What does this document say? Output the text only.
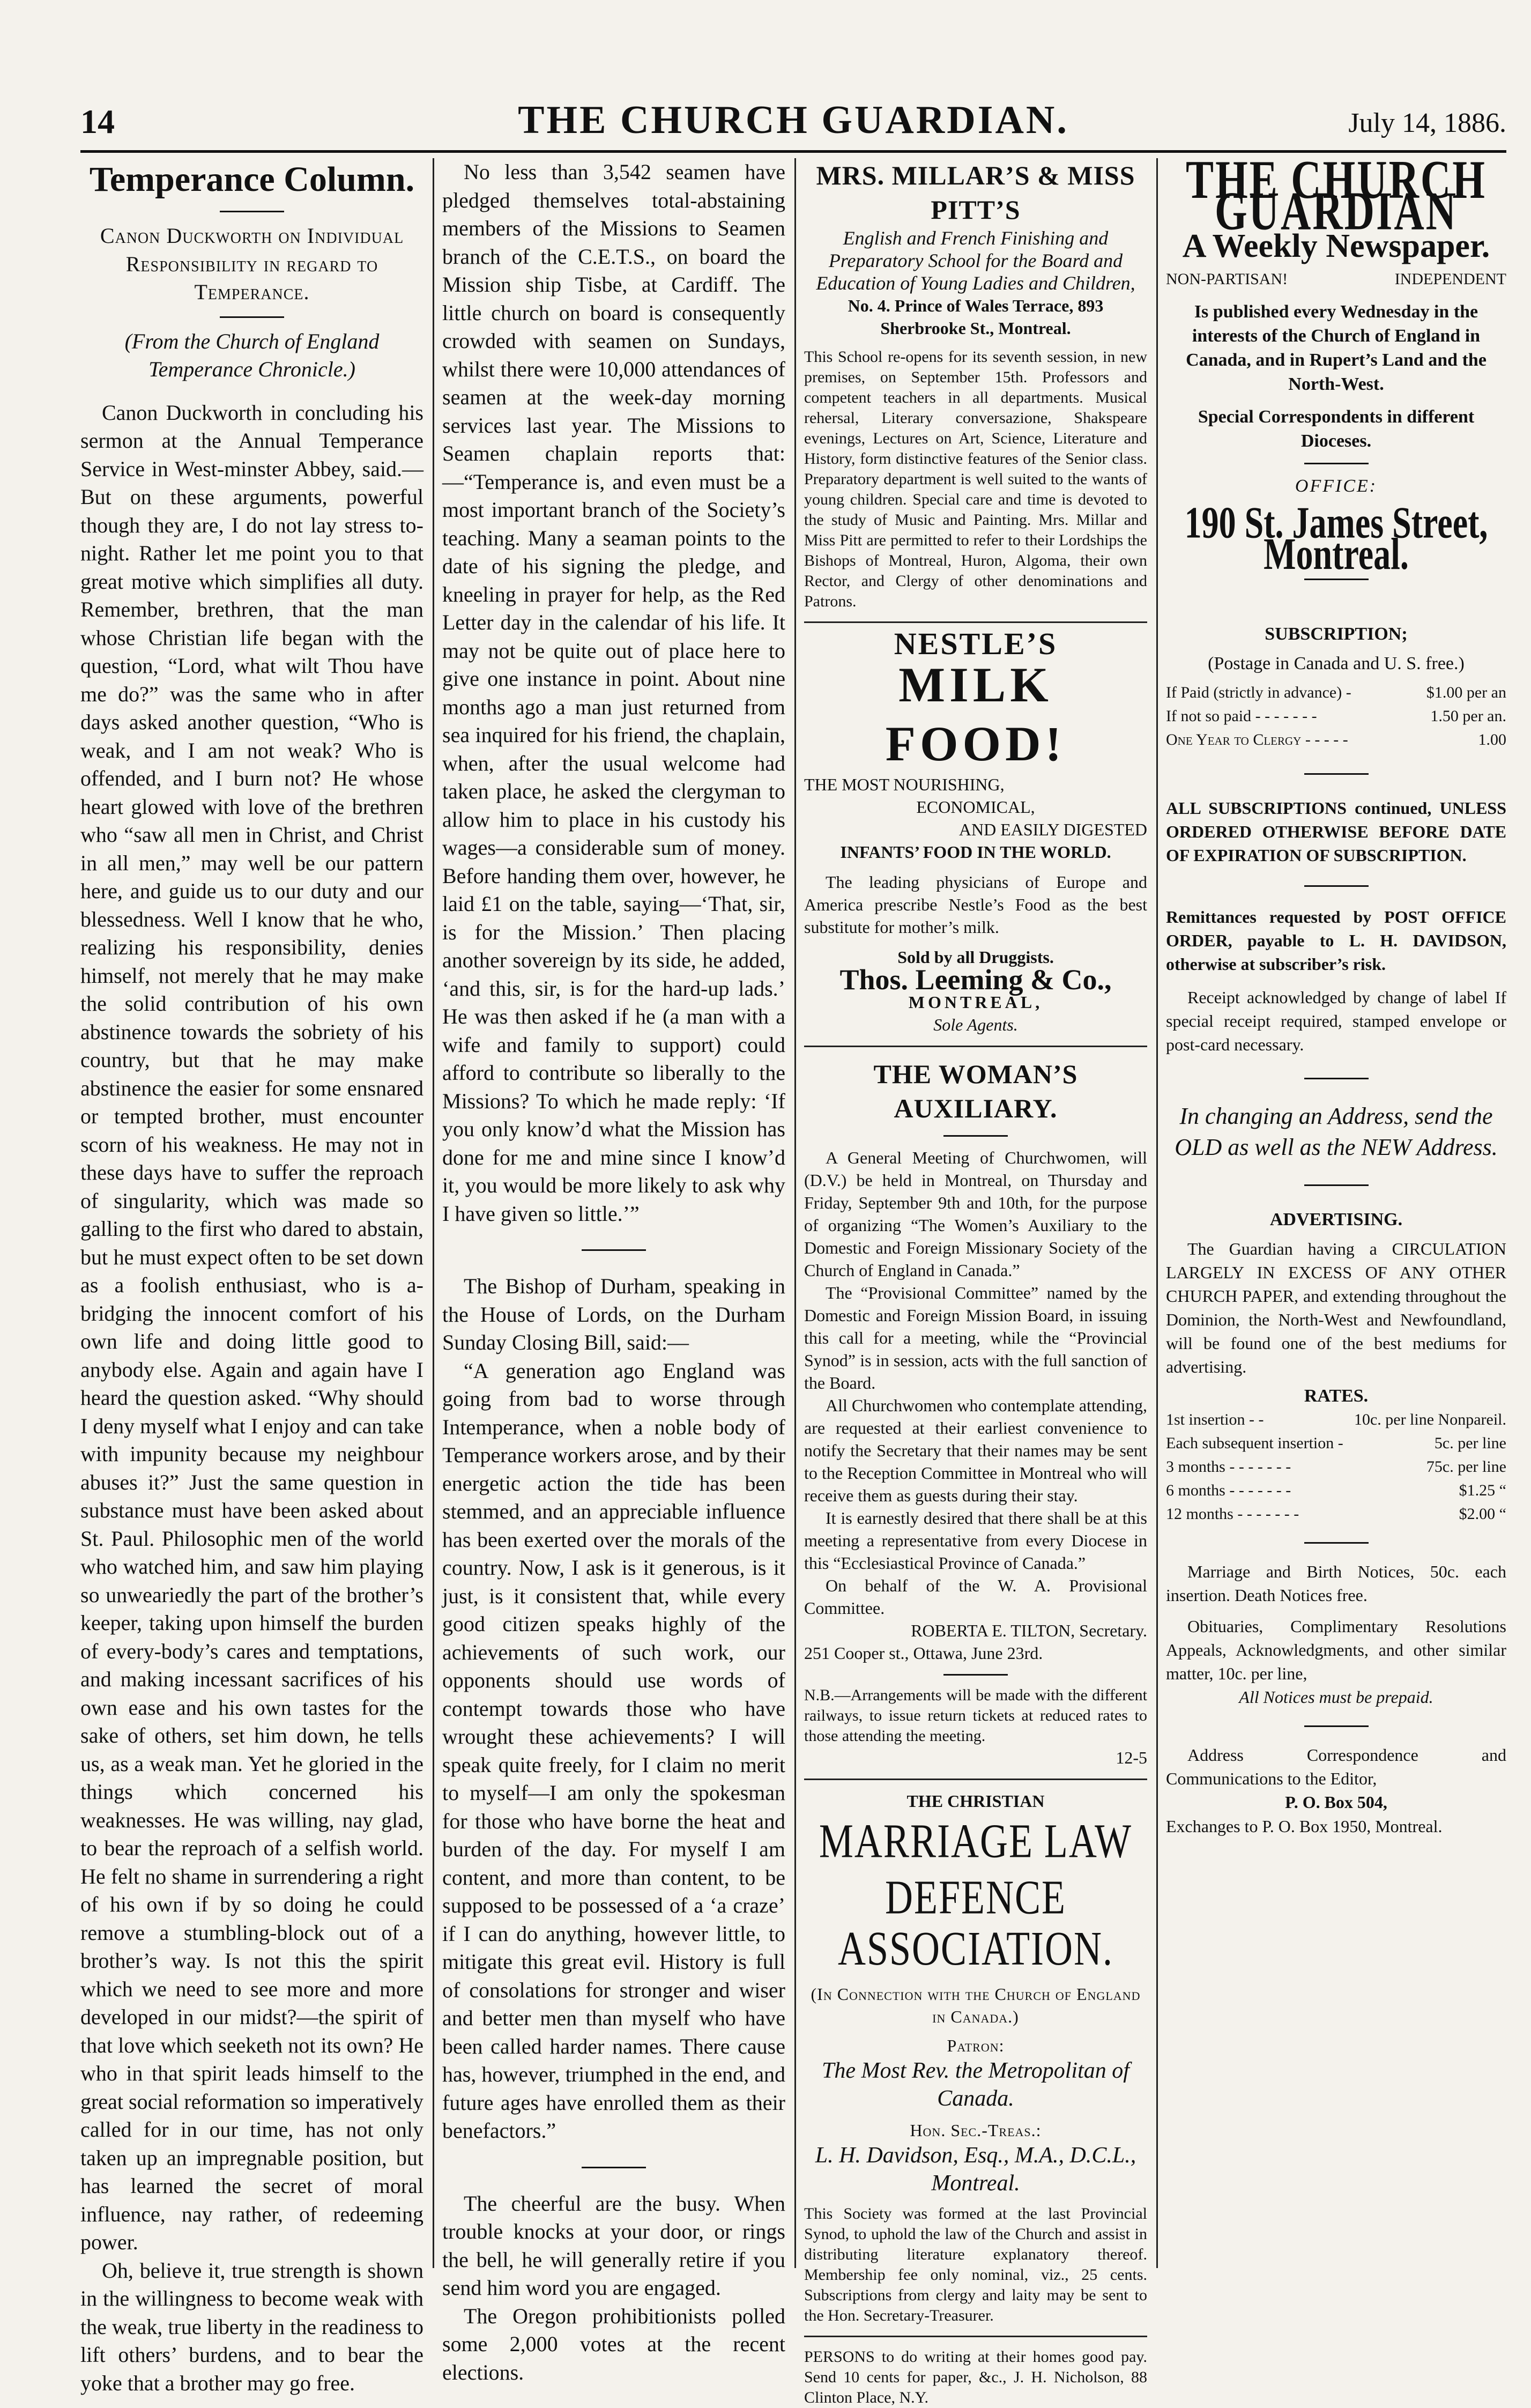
14	THE CHURCH GUARDIAN.	July 14, 1886.

Temperance Column.

Canon Duckworth on Individual Responsibility in regard to Temperance.

(From the Church of England Temperance Chronicle.)

Canon Duckworth in concluding his sermon at the Annual Temperance Service in West-minster Abbey, said.—But on these arguments, powerful though they are, I do not lay stress to-night. Rather let me point you to that great motive which simplifies all duty. Remember, brethren, that the man whose Christian life began with the question, “Lord, what wilt Thou have me do?” was the same who in after days asked another question, “Who is weak, and I am not weak? Who is offended, and I burn not? He whose heart glowed with love of the brethren who “saw all men in Christ, and Christ in all men,” may well be our pattern here, and guide us to our duty and our blessedness. Well I know that he who, realizing his responsibility, denies himself, not merely that he may make the solid contribution of his own abstinence towards the sobriety of his country, but that he may make abstinence the easier for some ensnared or tempted brother, must encounter scorn of his weakness. He may not in these days have to suffer the reproach of singularity, which was made so galling to the first who dared to abstain, but he must expect often to be set down as a foolish enthusiast, who is a-bridging the innocent comfort of his own life and doing little good to anybody else. Again and again have I heard the question asked. “Why should I deny myself what I enjoy and can take with impunity because my neighbour abuses it?” Just the same question in substance must have been asked about St. Paul. Philosophic men of the world who watched him, and saw him playing so unweariedly the part of the brother’s keeper, taking upon himself the burden of every-body’s cares and temptations, and making incessant sacrifices of his own ease and his own tastes for the sake of others, set him down, he tells us, as a weak man. Yet he gloried in the things which concerned his weaknesses. He was willing, nay glad, to bear the reproach of a selfish world. He felt no shame in surrendering a right of his own if by so doing he could remove a stumbling-block out of a brother’s way. Is not this the spirit which we need to see more and more developed in our midst?—the spirit of that love which seeketh not its own? He who in that spirit leads himself to the great social reformation so imperatively called for in our time, has not only taken up an impregnable position, but has learned the secret of moral influence, nay rather, of redeeming power.

Oh, believe it, true strength is shown in the willingness to become weak with the weak, true liberty in the readiness to lift others’ burdens, and to bear the yoke that a brother may go free.

No less than 3,542 seamen have pledged themselves total-abstaining members of the Missions to Seamen branch of the C.E.T.S., on board the Mission ship Tisbe, at Cardiff. The little church on board is consequently crowded with seamen on Sundays, whilst there were 10,000 attendances of seamen at the week-day morning services last year. The Missions to Seamen chaplain reports that:—“Temperance is, and even must be a most important branch of the Society’s teaching. Many a seaman points to the date of his signing the pledge, and kneeling in prayer for help, as the Red Letter day in the calendar of his life. It may not be quite out of place here to give one instance in point. About nine months ago a man just returned from sea inquired for his friend, the chaplain, when, after the usual welcome had taken place, he asked the clergyman to allow him to place in his custody his wages—a considerable sum of money. Before handing them over, however, he laid £1 on the table, saying—‘That, sir, is for the Mission.’ Then placing another sovereign by its side, he added, ‘and this, sir, is for the hard-up lads.’ He was then asked if he (a man with a wife and family to support) could afford to contribute so liberally to the Missions? To which he made reply: ‘If you only know’d what the Mission has done for me and mine since I know’d it, you would be more likely to ask why I have given so little.’”

The Bishop of Durham, speaking in the House of Lords, on the Durham Sunday Closing Bill, said:—

“A generation ago England was going from bad to worse through Intemperance, when a noble body of Temperance workers arose, and by their energetic action the tide has been stemmed, and an appreciable influence has been exerted over the morals of the country. Now, I ask is it generous, is it just, is it consistent that, while every good citizen speaks highly of the achievements of such work, our opponents should use words of contempt towards those who have wrought these achievements? I will speak quite freely, for I claim no merit to myself—I am only the spokesman for those who have borne the heat and burden of the day. For myself I am content, and more than content, to be supposed to be possessed of a ‘a craze’ if I can do anything, however little, to mitigate this great evil. History is full of consolations for stronger and wiser and better men than myself who have been called harder names. There cause has, however, triumphed in the end, and future ages have enrolled them as their benefactors.”

The cheerful are the busy. When trouble knocks at your door, or rings the bell, he will generally retire if you send him word you are engaged.

The Oregon prohibitionists polled some 2,000 votes at the recent elections.

MRS. MILLAR’S & MISS PITT’S

English and French Finishing and Preparatory School for the Board and Education of Young Ladies and Children,

No. 4. Prince of Wales Terrace, 893 Sherbrooke St., Montreal.

This School re-opens for its seventh session, in new premises, on September 15th. Professors and competent teachers in all departments. Musical rehersal, Literary conversazione, Shakspeare evenings, Lectures on Art, Science, Literature and History, form distinctive features of the Senior class. Preparatory department is well suited to the wants of young children. Special care and time is devoted to the study of Music and Painting. Mrs. Millar and Miss Pitt are permitted to refer to their Lordships the Bishops of Montreal, Huron, Algoma, their own Rector, and Clergy of other denominations and Patrons.

NESTLE’S

MILK FOOD!

THE MOST NOURISHING,

ECONOMICAL,

AND EASILY DIGESTED

INFANTS’ FOOD IN THE WORLD.

The leading physicians of Europe and America prescribe Nestle’s Food as the best substitute for mother’s milk.

Sold by all Druggists.

Thos. Leeming & Co.,

MONTREAL,

Sole Agents.

THE WOMAN’S AUXILIARY.

A General Meeting of Churchwomen, will (D.V.) be held in Montreal, on Thursday and Friday, September 9th and 10th, for the purpose of organizing “The Women’s Auxiliary to the Domestic and Foreign Missionary Society of the Church of England in Canada.”

The “Provisional Committee” named by the Domestic and Foreign Mission Board, in issuing this call for a meeting, while the “Provincial Synod” is in session, acts with the full sanction of the Board.

All Churchwomen who contemplate attending, are requested at their earliest convenience to notify the Secretary that their names may be sent to the Reception Committee in Montreal who will receive them as guests during their stay.

It is earnestly desired that there shall be at this meeting a representative from every Diocese in this “Ecclesiastical Province of Canada.”

On behalf of the W. A. Provisional Committee.

ROBERTA E. TILTON, Secretary.

251 Cooper st., Ottawa, June 23rd.

N.B.—Arrangements will be made with the different railways, to issue return tickets at reduced rates to those attending the meeting.

12-5

THE CHRISTIAN

MARRIAGE LAW DEFENCE

ASSOCIATION.

(In Connection with the Church of England in Canada.)

Patron:

The Most Rev. the Metropolitan of Canada.

Hon. Sec.-Treas.:

L. H. Davidson, Esq., M.A., D.C.L., Montreal.

This Society was formed at the last Provincial Synod, to uphold the law of the Church and assist in distributing literature explanatory thereof. Membership fee only nominal, viz., 25 cents. Subscriptions from clergy and laity may be sent to the Hon. Secretary-Treasurer.

PERSONS to do writing at their homes good pay. Send 10 cents for paper, &c., J. H. Nicholson, 88 Clinton Place, N.Y.

THE CHURCH GUARDIAN

A Weekly Newspaper.

NON-PARTISAN!	INDEPENDENT

Is published every Wednesday in the interests of the Church of England in Canada, and in Rupert’s Land and the North-West.

Special Correspondents in different Dioceses.

OFFICE:

190 St. James Street, Montreal.

SUBSCRIPTION;

(Postage in Canada and U. S. free.)

If Paid (strictly in advance) -	$1.00 per an
If not so paid - - - - - - -	1.50 per an.
One Year to Clergy - - - - -	1.00

ALL SUBSCRIPTIONS continued, UNLESS ORDERED OTHERWISE BEFORE DATE OF EXPIRATION OF SUBSCRIPTION.

Remittances requested by POST OFFICE ORDER, payable to L. H. DAVIDSON, otherwise at subscriber’s risk.

Receipt acknowledged by change of label If special receipt required, stamped envelope or post-card necessary.

In changing an Address, send the OLD as well as the NEW Address.

ADVERTISING.

The Guardian having a CIRCULATION LARGELY IN EXCESS OF ANY OTHER CHURCH PAPER, and extending throughout the Dominion, the North-West and Newfoundland, will be found one of the best mediums for advertising.

RATES.

1st insertion - -	10c. per line Nonpareil.
Each subsequent insertion -	5c. per line
3 months - - - - - - -	75c. per line
6 months - - - - - - -	$1.25 “
12 months - - - - - - -	$2.00 “

Marriage and Birth Notices, 50c. each insertion. Death Notices free.

Obituaries, Complimentary Resolutions Appeals, Acknowledgments, and other similar matter, 10c. per line,

All Notices must be prepaid.

Address Correspondence and Communications to the Editor,

P. O. Box 504,

Exchanges to P. O. Box 1950, Montreal.
